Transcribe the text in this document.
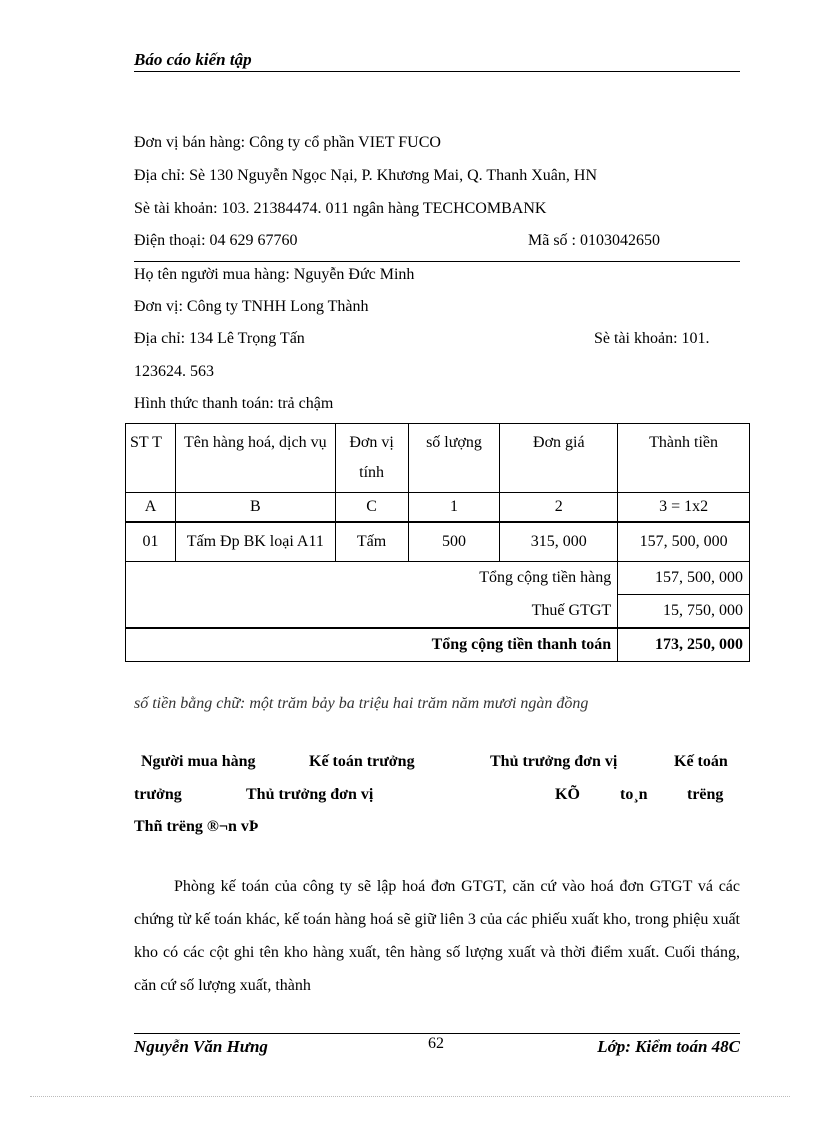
Báo cáo kiến tập
Đơn vị bán hàng: Công ty cổ phần VIET FUCO
Địa chỉ: Sè 130 Nguyễn Ngọc Nại, P. Khương Mai, Q. Thanh Xuân, HN
Sè tài khoản: 103. 21384474. 011 ngân hàng TECHCOMBANK
Điện thoại: 04 629 67760	Mã số : 0103042650
Họ tên người mua hàng: Nguyễn Đức Minh
Đơn vị: Công ty TNHH Long Thành
Địa chỉ: 134 Lê Trọng Tấn	Sè tài khoản: 101.
123624. 563
Hình thức thanh toán: trả chậm
ST T	Tên hàng hoá, dịch vụ	Đơn vị tính	số lượng	Đơn giá	Thành tiền
A	B	C	1	2	3 = 1x2
01	Tấm Đp BK loại A11	Tấm	500	315, 000	157, 500, 000
Tổng cộng tiền hàng					157, 500, 000
Thuế GTGT					15, 750, 000
Tổng cộng tiền thanh toán					173, 250, 000
số tiền bằng chữ: một trăm bảy ba triệu hai trăm năm mươi ngàn đồng
Người mua hàng	Kế toán trưởng	Thủ trưởng đơn vị	Kế toán
trưởng	Thủ trưởng đơn vị	KÕ	to¸n trëng
Thñ trëng ®¬n vÞ
Phòng kế toán của công ty sẽ lập hoá đơn GTGT, căn cứ vào hoá đơn GTGT vá các chứng từ kế toán khác, kế toán hàng hoá sẽ giữ liên 3 của các phiếu xuất kho, trong phiệu xuất kho có các cột ghi tên kho hàng xuất, tên hàng số lượng xuất và thời điểm xuất. Cuối tháng, căn cứ số lượng xuất, thành
Nguyễn Văn Hưng	62	Lớp: Kiểm toán 48C
